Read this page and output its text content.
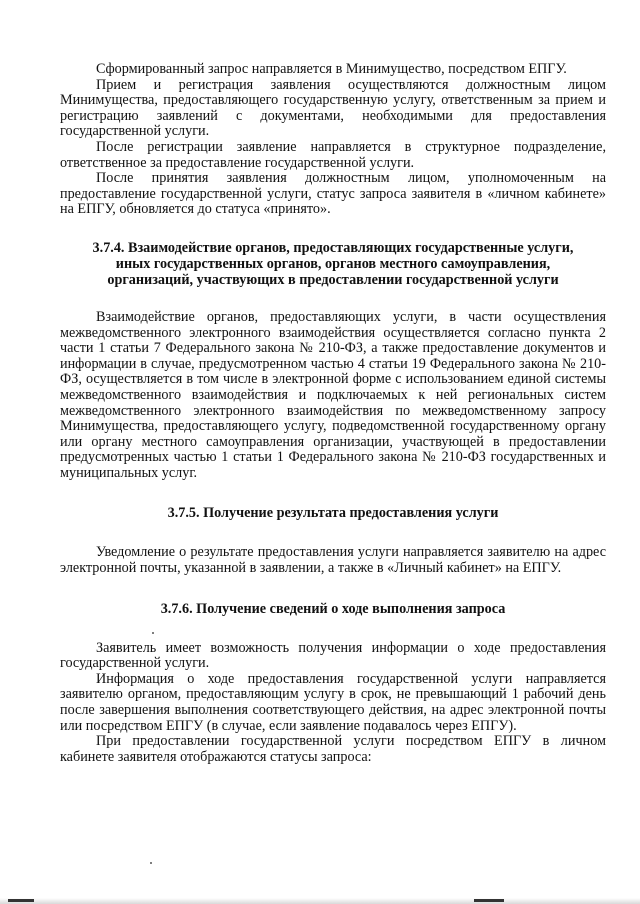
Сформированный запрос направляется в Минимущество, посредством ЕПГУ.

Прием и регистрация заявления осуществляются должностным лицом Минимущества, предоставляющего государственную услугу, ответственным за прием и регистрацию заявлений с документами, необходимыми для предоставления государственной услуги.

После регистрации заявление направляется в структурное подразделение, ответственное за предоставление государственной услуги.

После принятия заявления должностным лицом, уполномоченным на предоставление государственной услуги, статус запроса заявителя в «личном кабинете» на ЕПГУ, обновляется до статуса «принято».

3.7.4. Взаимодействие органов, предоставляющих государственные услуги,
иных государственных органов, органов местного самоуправления,
организаций, участвующих в предоставлении государственной услуги

Взаимодействие органов, предоставляющих услуги, в части осуществления межведомственного электронного взаимодействия осуществляется согласно пункта 2 части 1 статьи 7 Федерального закона № 210-ФЗ, а также предоставление документов и информации в случае, предусмотренном частью 4 статьи 19 Федерального закона № 210-ФЗ, осуществляется в том числе в электронной форме с использованием единой системы межведомственного взаимодействия и подключаемых к ней региональных систем межведомственного электронного взаимодействия по межведомственному запросу Минимущества, предоставляющего услугу, подведомственной государственному органу или органу местного самоуправления организации, участвующей в предоставлении предусмотренных частью 1 статьи 1 Федерального закона № 210-ФЗ государственных и муниципальных услуг.

3.7.5. Получение результата предоставления услуги

Уведомление о результате предоставления услуги направляется заявителю на адрес электронной почты, указанной в заявлении, а также в «Личный кабинет» на ЕПГУ.

3.7.6. Получение сведений о ходе выполнения запроса

Заявитель имеет возможность получения информации о ходе предоставления государственной услуги.

Информация о ходе предоставления государственной услуги направляется заявителю органом, предоставляющим услугу в срок, не превышающий 1 рабочий день после завершения выполнения соответствующего действия, на адрес электронной почты или посредством ЕПГУ (в случае, если заявление подавалось через ЕПГУ).

При предоставлении государственной услуги посредством ЕПГУ в личном кабинете заявителя отображаются статусы запроса:
